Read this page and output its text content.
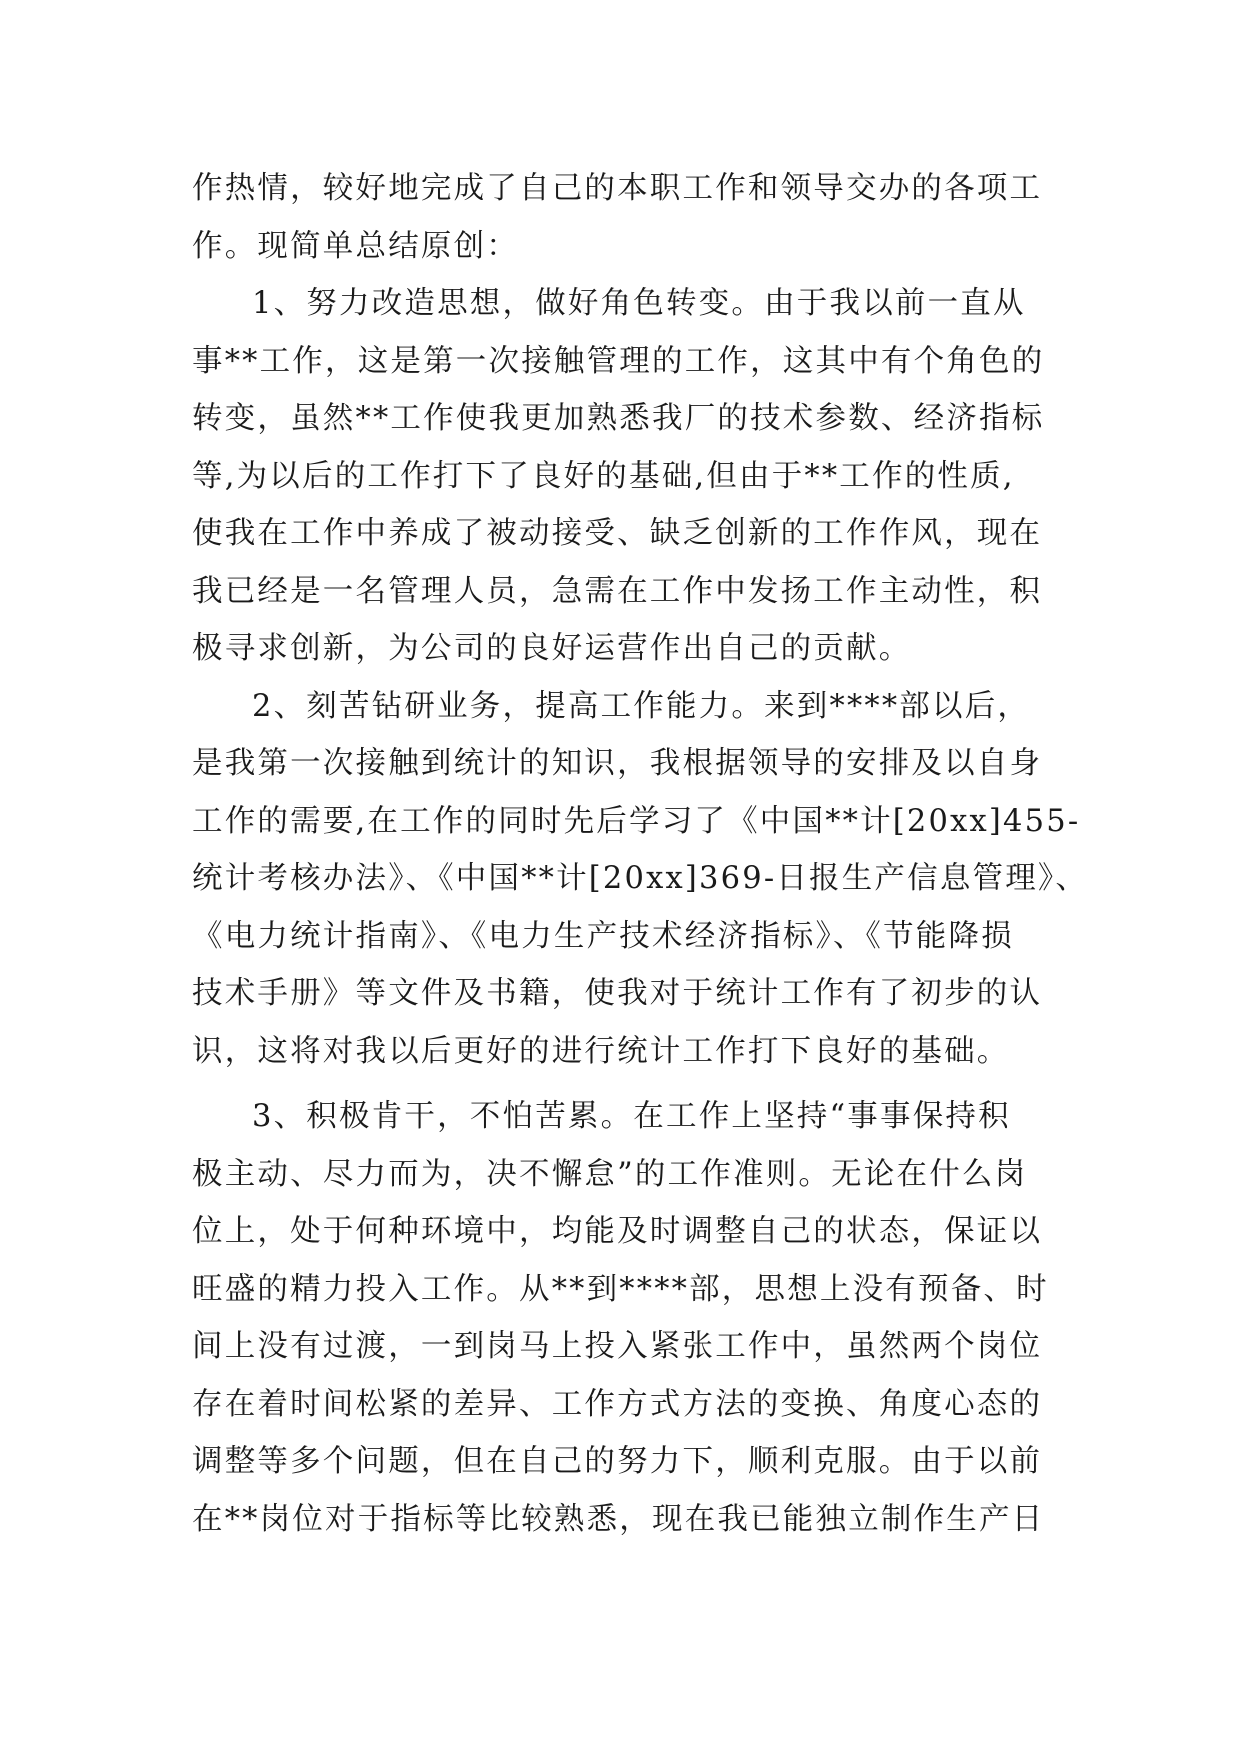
作热情，较好地完成了自己的本职工作和领导交办的各项工
作。现简单总结原创：
1、努力改造思想，做好角色转变。由于我以前一直从
事**工作，这是第一次接触管理的工作，这其中有个角色的
转变，虽然**工作使我更加熟悉我厂的技术参数、经济指标
等,为以后的工作打下了良好的基础,但由于**工作的性质,
使我在工作中养成了被动接受、缺乏创新的工作作风，现在
我已经是一名管理人员，急需在工作中发扬工作主动性，积
极寻求创新，为公司的良好运营作出自己的贡献。
2、刻苦钻研业务，提高工作能力。来到****部以后，
是我第一次接触到统计的知识，我根据领导的安排及以自身
工作的需要,在工作的同时先后学习了《中国**计[20xx]455-
统计考核办法》、《中国**计[20xx]369-日报生产信息管理》、
《电力统计指南》、《电力生产技术经济指标》、《节能降损
技术手册》等文件及书籍，使我对于统计工作有了初步的认
识，这将对我以后更好的进行统计工作打下良好的基础。
3、积极肯干，不怕苦累。在工作上坚持“事事保持积
极主动、尽力而为，决不懈怠”的工作准则。无论在什么岗
位上，处于何种环境中，均能及时调整自己的状态，保证以
旺盛的精力投入工作。从**到****部，思想上没有预备、时
间上没有过渡，一到岗马上投入紧张工作中，虽然两个岗位
存在着时间松紧的差异、工作方式方法的变换、角度心态的
调整等多个问题，但在自己的努力下，顺利克服。由于以前
在**岗位对于指标等比较熟悉，现在我已能独立制作生产日
